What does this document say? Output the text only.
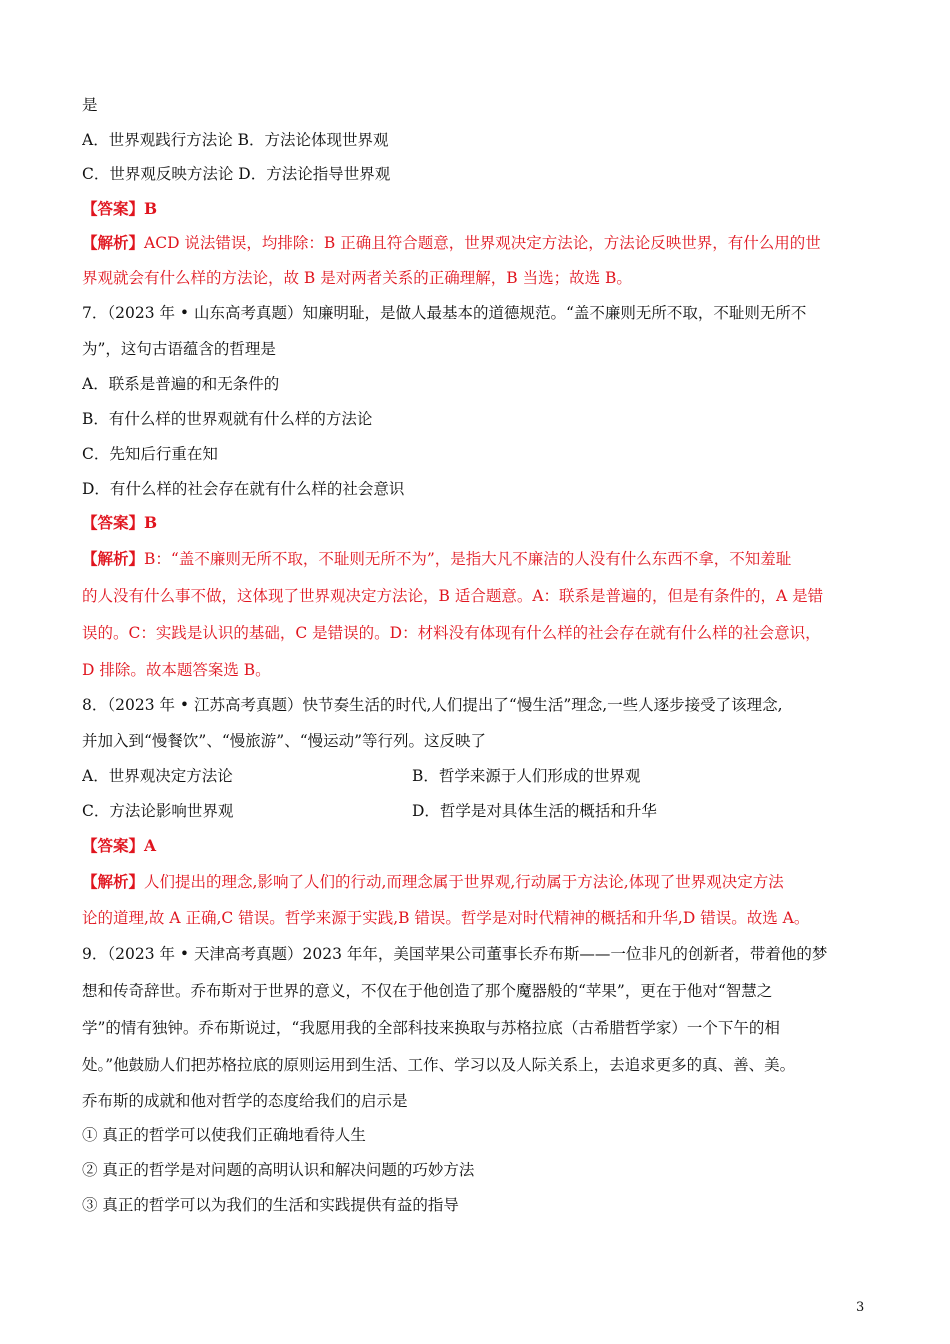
是
A．世界观践行方法论 B．方法论体现世界观
C．世界观反映方法论 D．方法论指导世界观
【答案】B
【解析】ACD 说法错误，均排除：B 正确且符合题意，世界观决定方法论，方法论反映世界，有什么用的世
界观就会有什么样的方法论，故 B 是对两者关系的正确理解，B 当选；故选 B。
7．（2023 年 • 山东高考真题）知廉明耻，是做人最基本的道德规范。“盖不廉则无所不取，不耻则无所不
为”，这句古语蕴含的哲理是
A．联系是普遍的和无条件的
B．有什么样的世界观就有什么样的方法论
C．先知后行重在知
D．有什么样的社会存在就有什么样的社会意识
【答案】B
【解析】B：“盖不廉则无所不取，不耻则无所不为”，是指大凡不廉洁的人没有什么东西不拿，不知羞耻
的人没有什么事不做，这体现了世界观决定方法论，B 适合题意。A：联系是普遍的，但是有条件的，A 是错
误的。C：实践是认识的基础，C 是错误的。D：材料没有体现有什么样的社会存在就有什么样的社会意识，
D 排除。故本题答案选 B。
8．（2023 年 • 江苏高考真题）快节奏生活的时代,人们提出了“慢生活”理念,一些人逐步接受了该理念,
并加入到“慢餐饮”、“慢旅游”、“慢运动”等行列。这反映了
A．世界观决定方法论	B．哲学来源于人们形成的世界观
C．方法论影响世界观	D．哲学是对具体生活的概括和升华
【答案】A
【解析】人们提出的理念,影响了人们的行动,而理念属于世界观,行动属于方法论,体现了世界观决定方法
论的道理,故 A 正确,C 错误。哲学来源于实践,B 错误。哲学是对时代精神的概括和升华,D 错误。故选 A。
9．（2023 年 • 天津高考真题）2023 年年，美国苹果公司董事长乔布斯——一位非凡的创新者，带着他的梦
想和传奇辞世。乔布斯对于世界的意义，不仅在于他创造了那个魔器般的“苹果”，更在于他对“智慧之
学”的情有独钟。乔布斯说过，“我愿用我的全部科技来换取与苏格拉底（古希腊哲学家）一个下午的相
处。”他鼓励人们把苏格拉底的原则运用到生活、工作、学习以及人际关系上，去追求更多的真、善、美。
乔布斯的成就和他对哲学的态度给我们的启示是
① 真正的哲学可以使我们正确地看待人生
② 真正的哲学是对问题的高明认识和解决问题的巧妙方法
③ 真正的哲学可以为我们的生活和实践提供有益的指导
3
